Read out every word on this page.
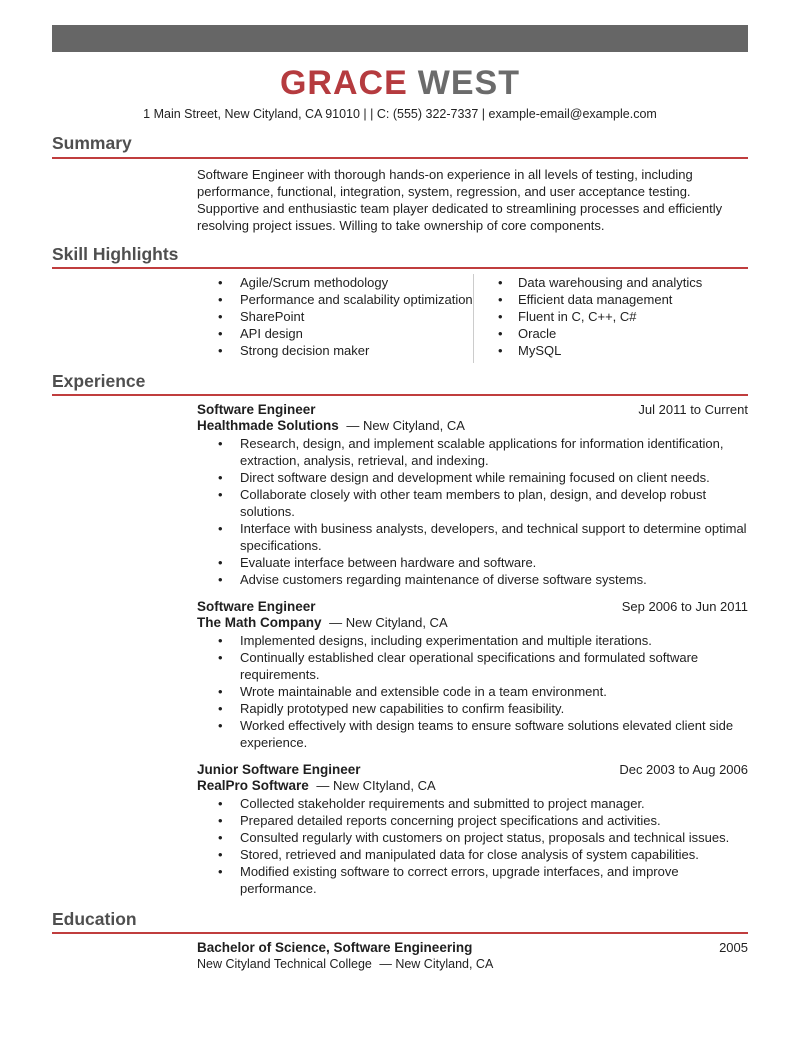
GRACE WEST
1 Main Street, New Cityland, CA 91010 | | C: (555) 322-7337 | example-email@example.com
Summary

Software Engineer with thorough hands-on experience in all levels of testing, including performance, functional, integration, system, regression, and user acceptance testing. Supportive and enthusiastic team player dedicated to streamlining processes and efficiently resolving project issues. Willing to take ownership of core components.

Skill Highlights
• Agile/Scrum methodology
• Performance and scalability optimization
• SharePoint
• API design
• Strong decision maker
• Data warehousing and analytics
• Efficient data management
• Fluent in C, C++, C#
• Oracle
• MySQL
Experience
Software Engineer	Jul 2011 to Current
Healthmade Solutions — New Cityland, CA
• Research, design, and implement scalable applications for information identification, extraction, analysis, retrieval, and indexing.
• Direct software design and development while remaining focused on client needs.
• Collaborate closely with other team members to plan, design, and develop robust solutions.
• Interface with business analysts, developers, and technical support to determine optimal specifications.
• Evaluate interface between hardware and software.
• Advise customers regarding maintenance of diverse software systems.
Software Engineer	Sep 2006 to Jun 2011
The Math Company — New Cityland, CA
• Implemented designs, including experimentation and multiple iterations.
• Continually established clear operational specifications and formulated software requirements.
• Wrote maintainable and extensible code in a team environment.
• Rapidly prototyped new capabilities to confirm feasibility.
• Worked effectively with design teams to ensure software solutions elevated client side experience.
Junior Software Engineer	Dec 2003 to Aug 2006
RealPro Software — New CItyland, CA
• Collected stakeholder requirements and submitted to project manager.
• Prepared detailed reports concerning project specifications and activities.
• Consulted regularly with customers on project status, proposals and technical issues.
• Stored, retrieved and manipulated data for close analysis of system capabilities.
• Modified existing software to correct errors, upgrade interfaces, and improve performance.
Education
Bachelor of Science, Software Engineering	2005
New Cityland Technical College — New Cityland, CA
